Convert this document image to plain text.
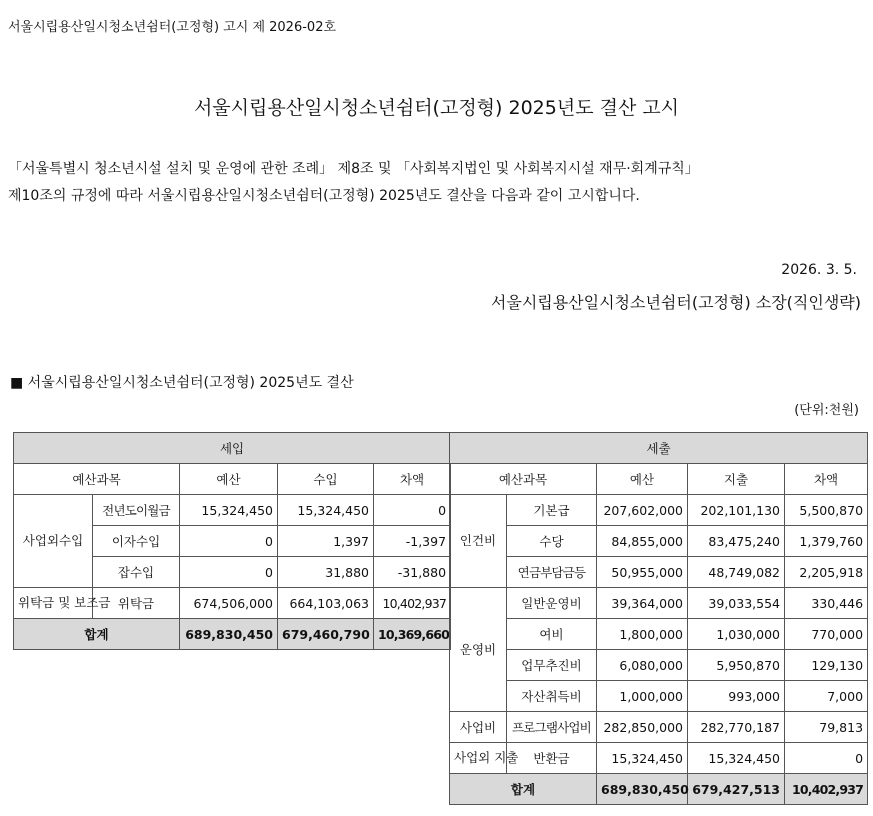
서울시립용산일시청소년쉼터(고정형) 고시 제 2026-02호
서울시립용산일시청소년쉼터(고정형) 2025년도 결산 고시
「서울특별시 청소년시설 설치 및 운영에 관한 조례」 제8조 및 「사회복지법인 및 사회복지시설 재무·회계규칙」
제10조의 규정에 따라 서울시립용산일시청소년쉼터(고정형) 2025년도 결산을 다음과 같이 고시합니다.
2026. 3. 5.
서울시립용산일시청소년쉼터(고정형) 소장(직인생략)
■ 서울시립용산일시청소년쉼터(고정형) 2025년도 결산
(단위:천원)
세입				
예산과목		예산	수입	차액
사업외수입	전년도이월금	15,324,450	15,324,450	0
	이자수입	0	1,397	-1,397
	잡수입	0	31,880	-31,880
위탁금 및 보조금	위탁금	674,506,000	664,103,063	10,402,937
합계		689,830,450	679,460,790	10,369,660
세출				
예산과목		예산	지출	차액
인건비	기본급	207,602,000	202,101,130	5,500,870
	수당	84,855,000	83,475,240	1,379,760
	연금부담금등	50,955,000	48,749,082	2,205,918
운영비	일반운영비	39,364,000	39,033,554	330,446
	여비	1,800,000	1,030,000	770,000
	업무추진비	6,080,000	5,950,870	129,130
	자산취득비	1,000,000	993,000	7,000
사업비	프로그램사업비	282,850,000	282,770,187	79,813
사업외 지출	반환금	15,324,450	15,324,450	0
합계		689,830,450	679,427,513	10,402,937
